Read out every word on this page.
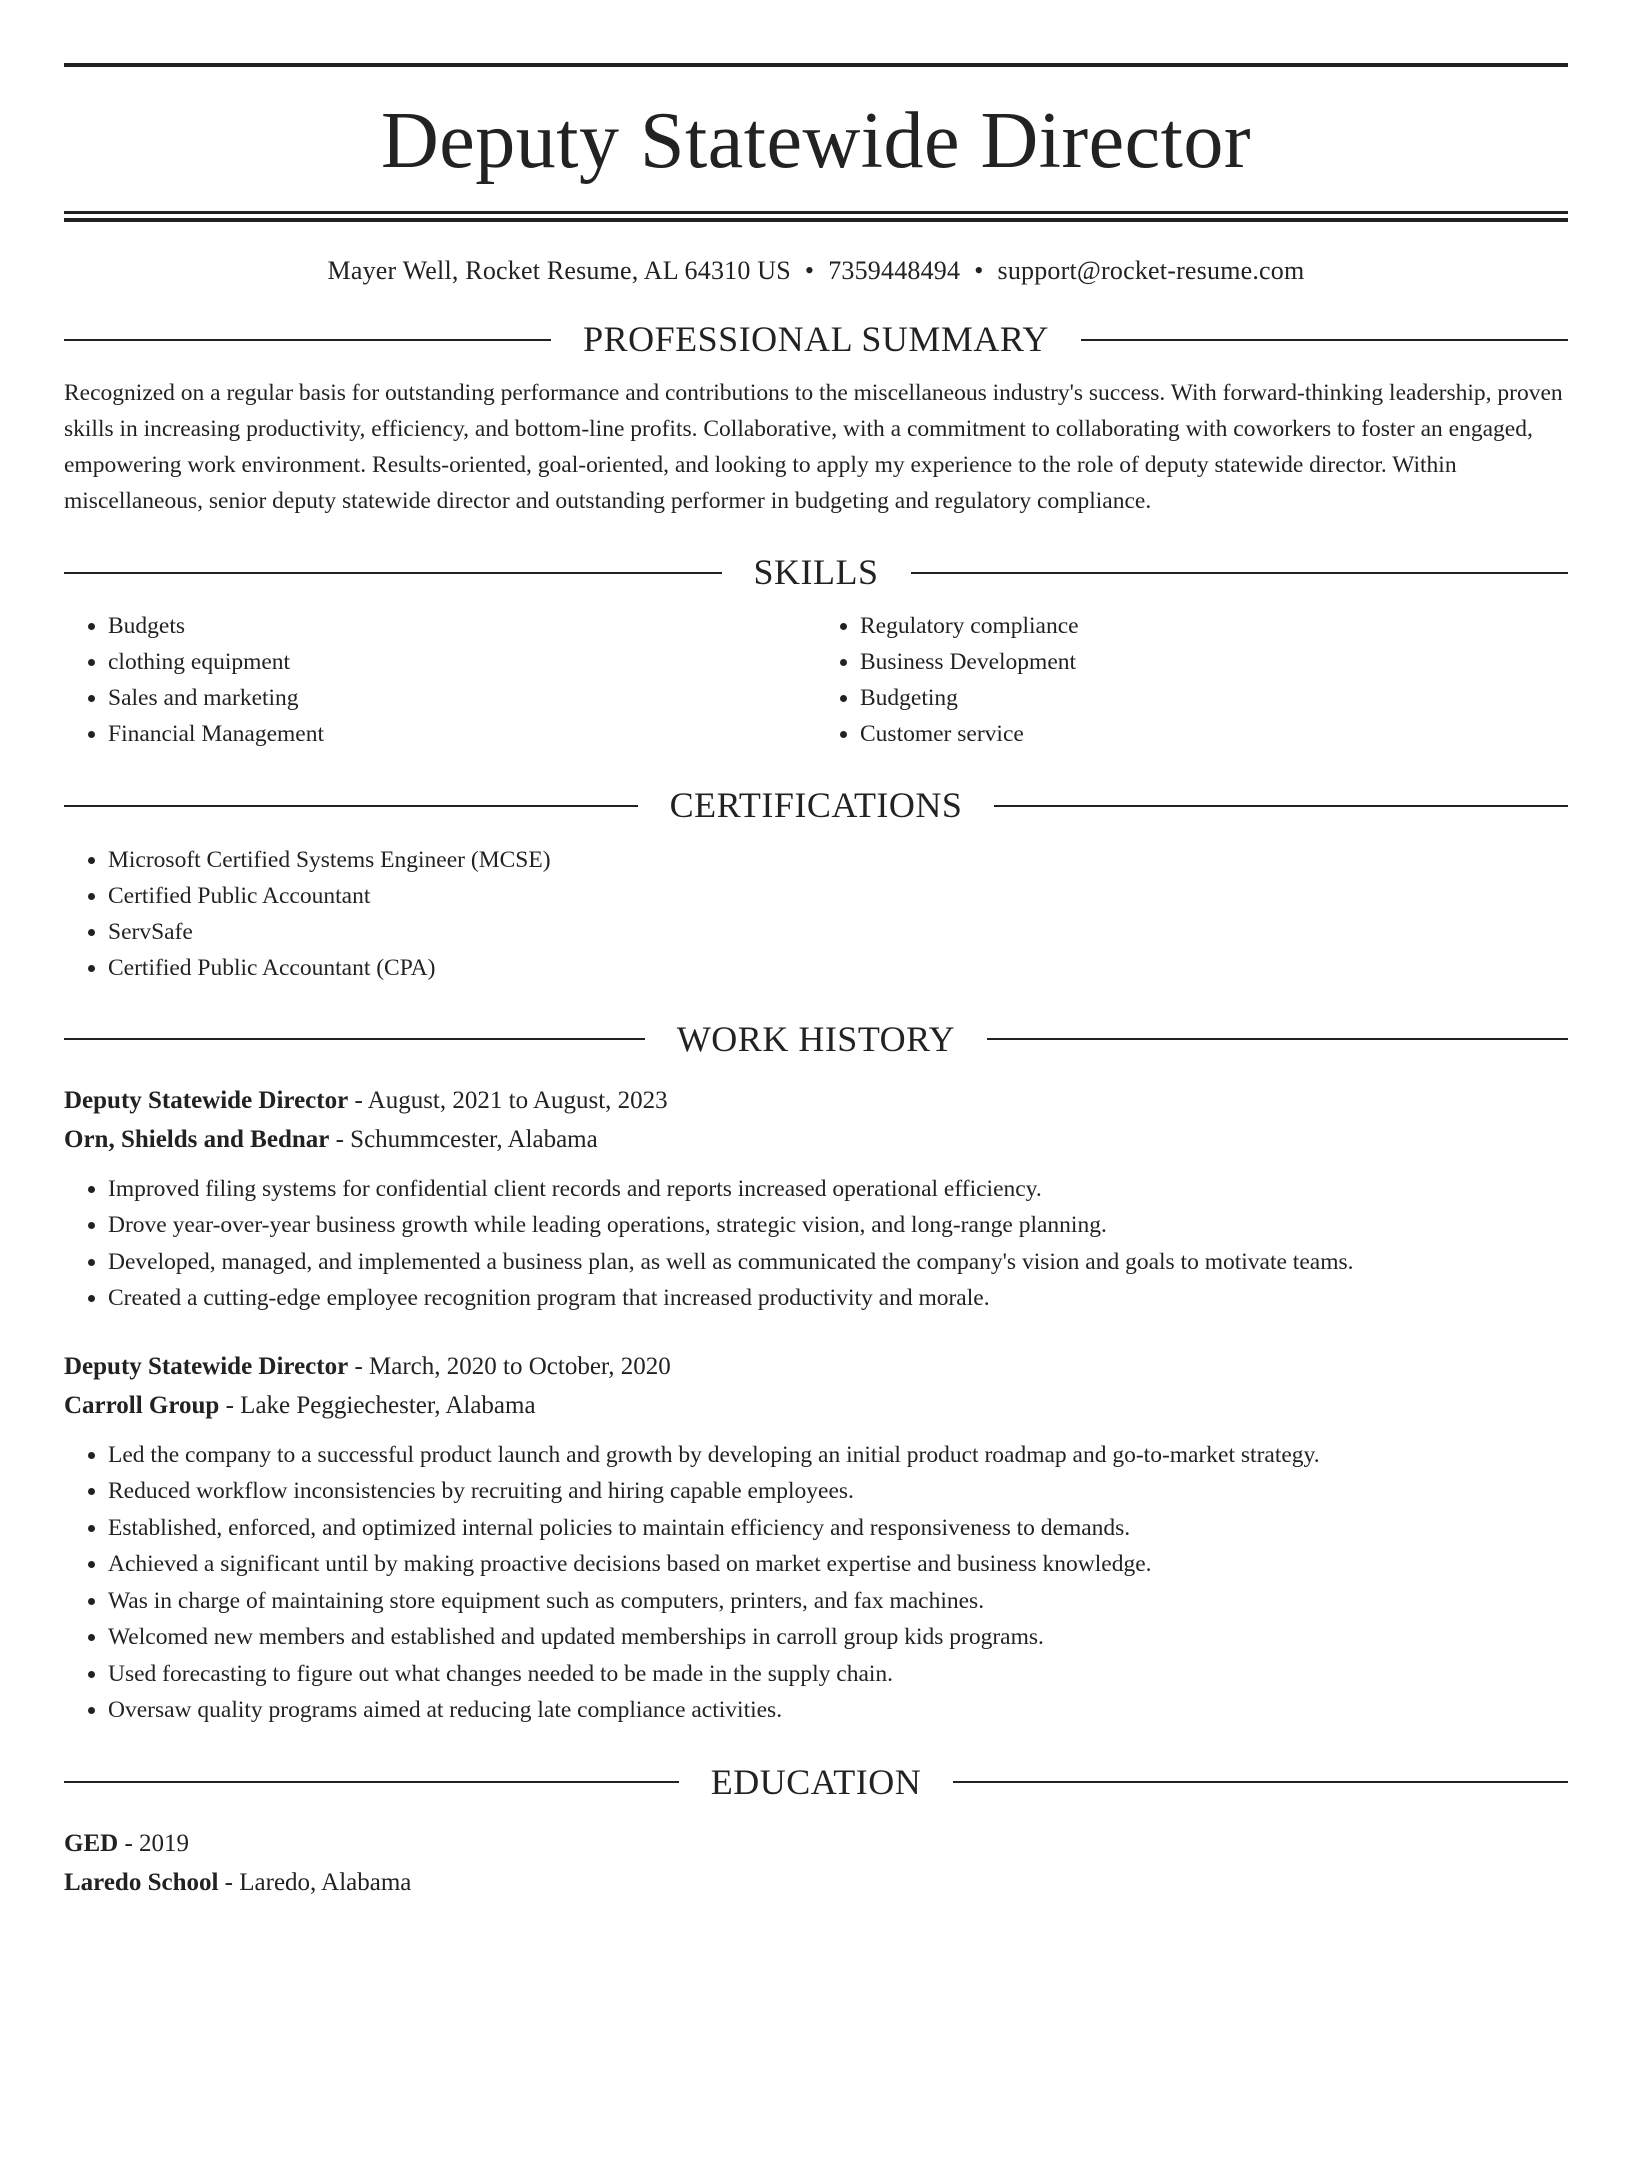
Deputy Statewide Director
Mayer Well, Rocket Resume, AL 64310 US • 7359448494 • support@rocket-resume.com
PROFESSIONAL SUMMARY
Recognized on a regular basis for outstanding performance and contributions to the miscellaneous industry's success. With forward-thinking leadership, proven skills in increasing productivity, efficiency, and bottom-line profits. Collaborative, with a commitment to collaborating with coworkers to foster an engaged, empowering work environment. Results-oriented, goal-oriented, and looking to apply my experience to the role of deputy statewide director. Within miscellaneous, senior deputy statewide director and outstanding performer in budgeting and regulatory compliance.
SKILLS
• Budgets
• clothing equipment
• Sales and marketing
• Financial Management
• Regulatory compliance
• Business Development
• Budgeting
• Customer service
CERTIFICATIONS
• Microsoft Certified Systems Engineer (MCSE)
• Certified Public Accountant
• ServSafe
• Certified Public Accountant (CPA)
WORK HISTORY
Deputy Statewide Director - August, 2021 to August, 2023
Orn, Shields and Bednar - Schummcester, Alabama
• Improved filing systems for confidential client records and reports increased operational efficiency.
• Drove year-over-year business growth while leading operations, strategic vision, and long-range planning.
• Developed, managed, and implemented a business plan, as well as communicated the company's vision and goals to motivate teams.
• Created a cutting-edge employee recognition program that increased productivity and morale.
Deputy Statewide Director - March, 2020 to October, 2020
Carroll Group - Lake Peggiechester, Alabama
• Led the company to a successful product launch and growth by developing an initial product roadmap and go-to-market strategy.
• Reduced workflow inconsistencies by recruiting and hiring capable employees.
• Established, enforced, and optimized internal policies to maintain efficiency and responsiveness to demands.
• Achieved a significant until by making proactive decisions based on market expertise and business knowledge.
• Was in charge of maintaining store equipment such as computers, printers, and fax machines.
• Welcomed new members and established and updated memberships in carroll group kids programs.
• Used forecasting to figure out what changes needed to be made in the supply chain.
• Oversaw quality programs aimed at reducing late compliance activities.
EDUCATION
GED - 2019
Laredo School - Laredo, Alabama
